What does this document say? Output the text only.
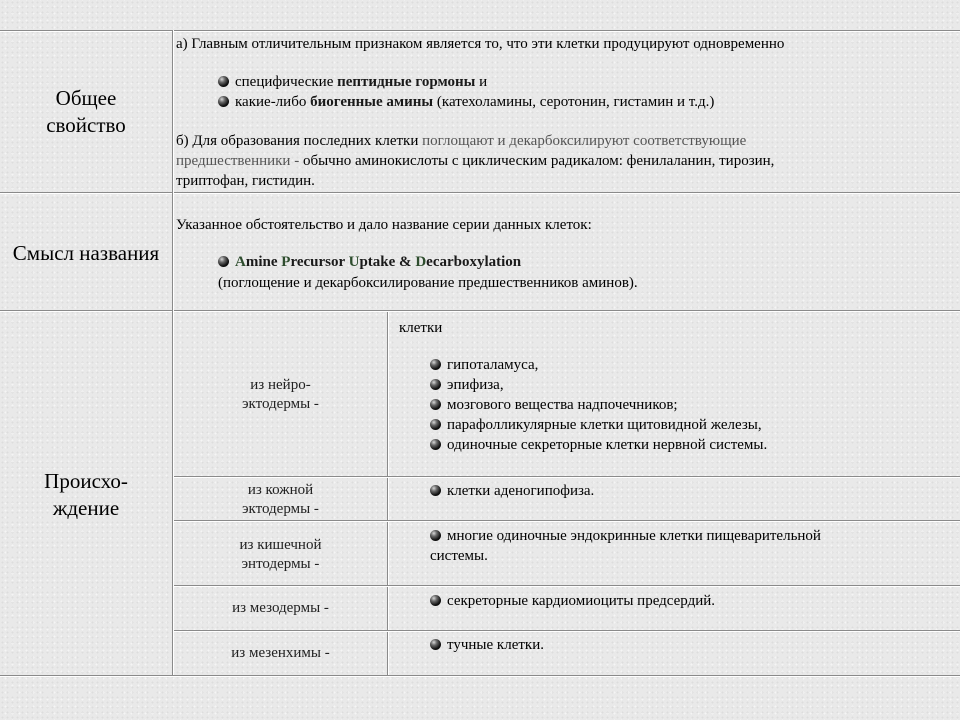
Общее
свойство
а) Главным отличительным признаком является то, что эти клетки продуцируют одновременно
специфические пептидные гормоны и
какие-либо биогенные амины (катехоламины, серотонин, гистамин и т.д.)
б) Для образования последних клетки поглощают и декарбоксилируют соответствующие
предшественники - обычно аминокислоты с циклическим радикалом: фенилаланин, тирозин,
триптофан, гистидин.
Смысл названия
Указанное обстоятельство и дало название серии данных клеток:
Amine Precursor Uptake & Decarboxylation
(поглощение и декарбоксилирование предшественников аминов).
Происхо-
ждение
из нейро-
эктодермы -
клетки
гипоталамуса,
эпифиза,
мозгового вещества надпочечников;
парафолликулярные клетки щитовидной железы,
одиночные секреторные клетки нервной системы.
из кожной
эктодермы -
клетки аденогипофиза.
из кишечной
энтодермы -
многие одиночные эндокринные клетки пищеварительной
системы.
из мезодермы -	секреторные кардиомиоциты предсердий.
из мезенхимы -	тучные клетки.
